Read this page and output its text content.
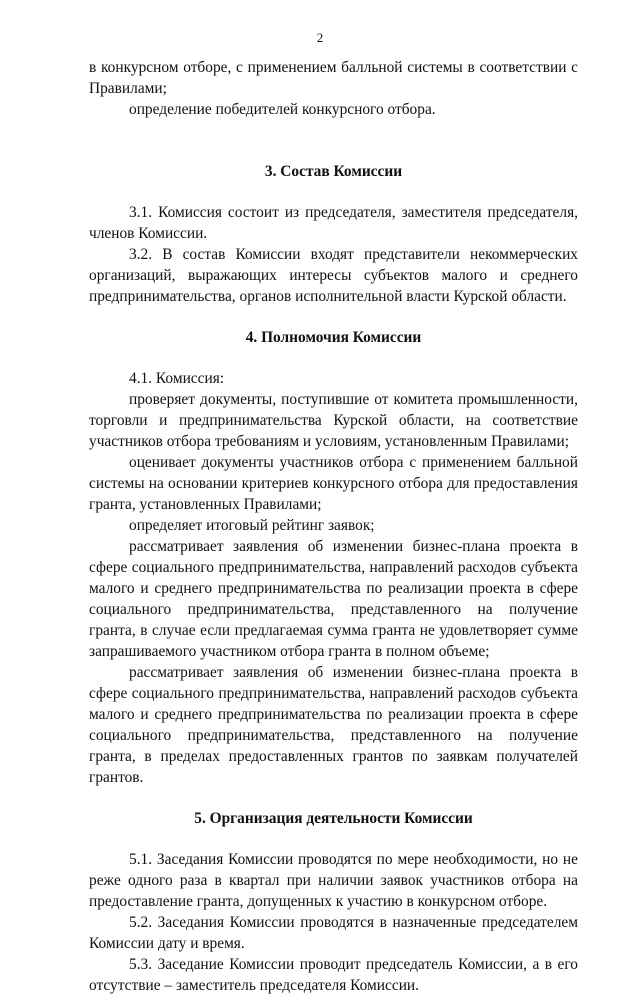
2

в конкурсном отборе, с применением балльной системы в соответствии с Правилами;

определение победителей конкурсного отбора.

3. Состав Комиссии

3.1. Комиссия состоит из председателя, заместителя председателя, членов Комиссии.

3.2. В состав Комиссии входят представители некоммерческих организаций, выражающих интересы субъектов малого и среднего предпринимательства, органов исполнительной власти Курской области.

4. Полномочия Комиссии

4.1. Комиссия:

проверяет документы, поступившие от комитета промышленности, торговли и предпринимательства Курской области, на соответствие участников отбора требованиям и условиям, установленным Правилами;

оценивает документы участников отбора с применением балльной системы на основании критериев конкурсного отбора для предоставления гранта, установленных Правилами;

определяет итоговый рейтинг заявок;

рассматривает заявления об изменении бизнес-плана проекта в сфере социального предпринимательства, направлений расходов субъекта малого и среднего предпринимательства по реализации проекта в сфере социального предпринимательства, представленного на получение гранта, в случае если предлагаемая сумма гранта не удовлетворяет сумме запрашиваемого участником отбора гранта в полном объеме;

рассматривает заявления об изменении бизнес-плана проекта в сфере социального предпринимательства, направлений расходов субъекта малого и среднего предпринимательства по реализации проекта в сфере социального предпринимательства, представленного на получение гранта, в пределах предоставленных грантов по заявкам получателей грантов.

5. Организация деятельности Комиссии

5.1. Заседания Комиссии проводятся по мере необходимости, но не реже одного раза в квартал при наличии заявок участников отбора на предоставление гранта, допущенных к участию в конкурсном отборе.

5.2. Заседания Комиссии проводятся в назначенные председателем Комиссии дату и время.

5.3. Заседание Комиссии проводит председатель Комиссии, а в его отсутствие – заместитель председателя Комиссии.
